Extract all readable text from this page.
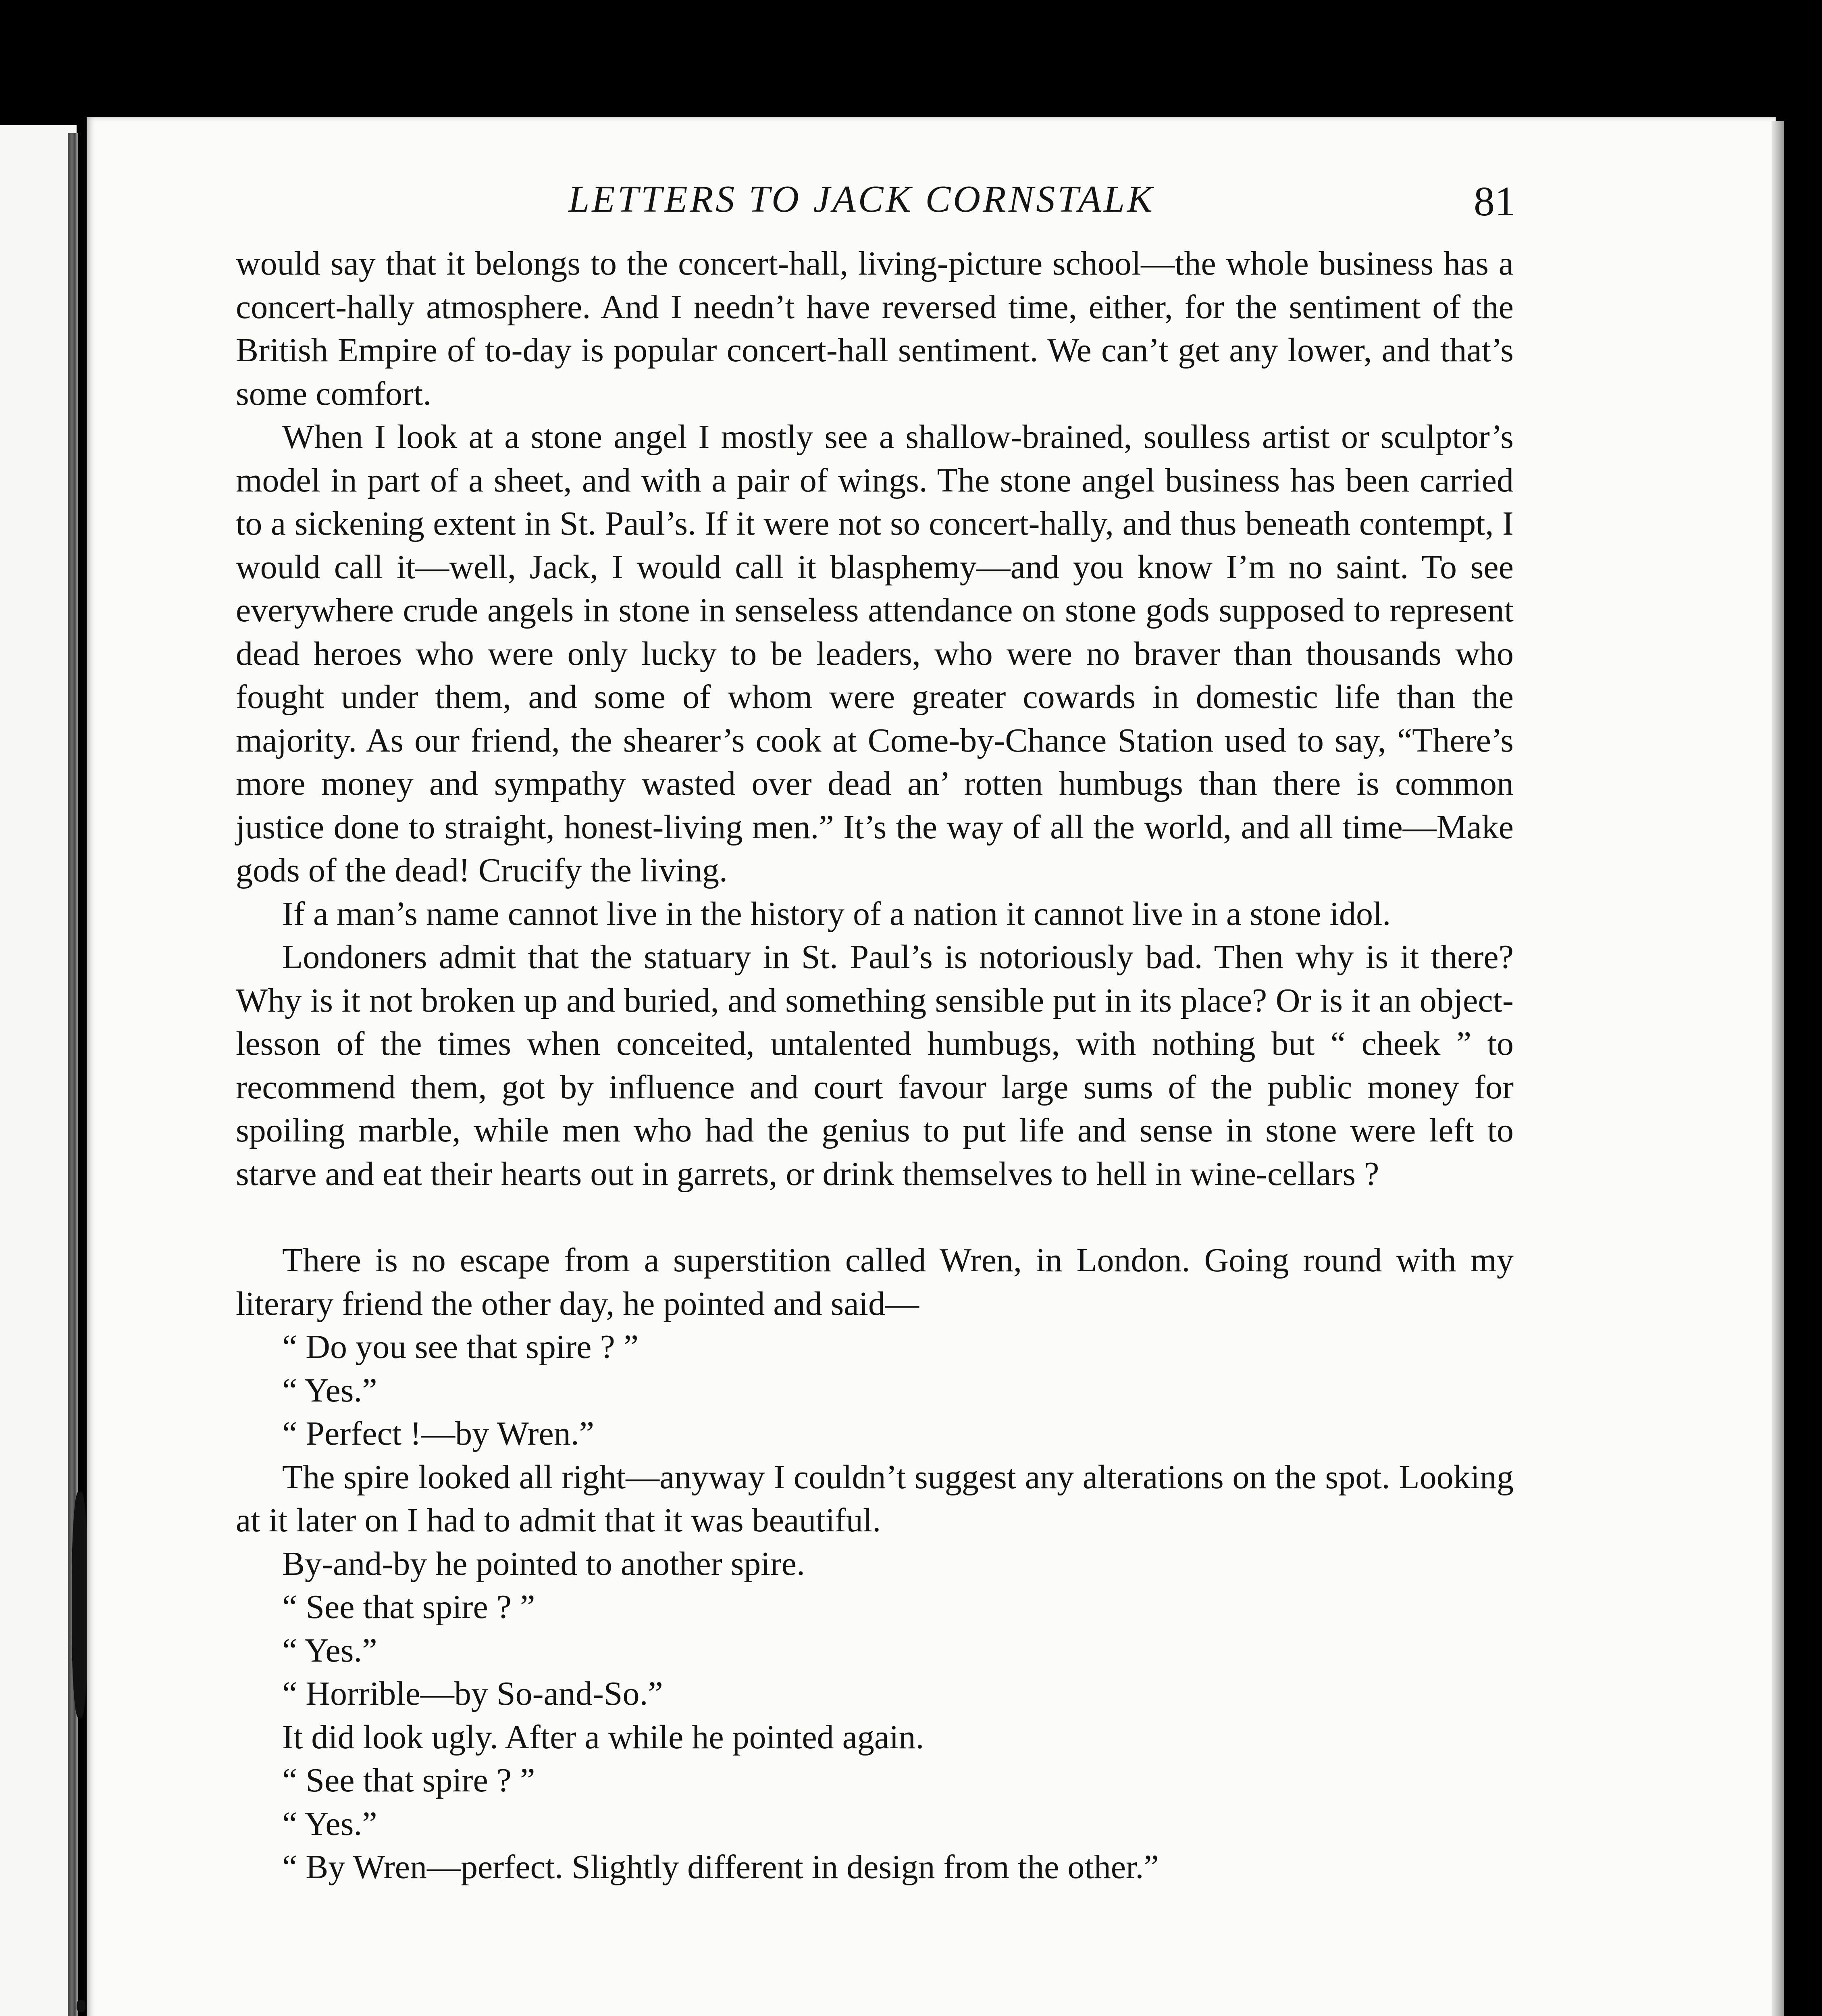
LETTERS TO JACK CORNSTALK	81

would say that it belongs to the concert-hall, living-picture school—the whole business has a concert-hally atmosphere. And I needn’t have reversed time, either, for the sentiment of the British Empire of to-day is popular concert-hall sentiment. We can’t get any lower, and that’s some comfort.

When I look at a stone angel I mostly see a shallow-brained, soulless artist or sculptor’s model in part of a sheet, and with a pair of wings. The stone angel business has been carried to a sickening extent in St. Paul’s. If it were not so concert-hally, and thus beneath contempt, I would call it—well, Jack, I would call it blasphemy—and you know I’m no saint. To see everywhere crude angels in stone in senseless attendance on stone gods supposed to represent dead heroes who were only lucky to be leaders, who were no braver than thousands who fought under them, and some of whom were greater cowards in domestic life than the majority. As our friend, the shearer’s cook at Come-by-Chance Station used to say, “There’s more money and sympathy wasted over dead an’ rotten humbugs than there is common justice done to straight, honest-living men.” It’s the way of all the world, and all time—Make gods of the dead! Crucify the living.

If a man’s name cannot live in the history of a nation it cannot live in a stone idol.

Londoners admit that the statuary in St. Paul’s is notoriously bad. Then why is it there? Why is it not broken up and buried, and something sensible put in its place? Or is it an object-lesson of the times when conceited, untalented humbugs, with nothing but “ cheek ” to recommend them, got by influence and court favour large sums of the public money for spoiling marble, while men who had the genius to put life and sense in stone were left to starve and eat their hearts out in garrets, or drink themselves to hell in wine-cellars ?

There is no escape from a superstition called Wren, in London. Going round with my literary friend the other day, he pointed and said—

“ Do you see that spire ? ”

“ Yes.”

“ Perfect !—by Wren.”

The spire looked all right—anyway I couldn’t suggest any alterations on the spot. Looking at it later on I had to admit that it was beautiful.

By-and-by he pointed to another spire.

“ See that spire ? ”

“ Yes.”

“ Horrible—by So-and-So.”

It did look ugly. After a while he pointed again.

“ See that spire ? ”

“ Yes.”

“ By Wren—perfect. Slightly different in design from the other.”
